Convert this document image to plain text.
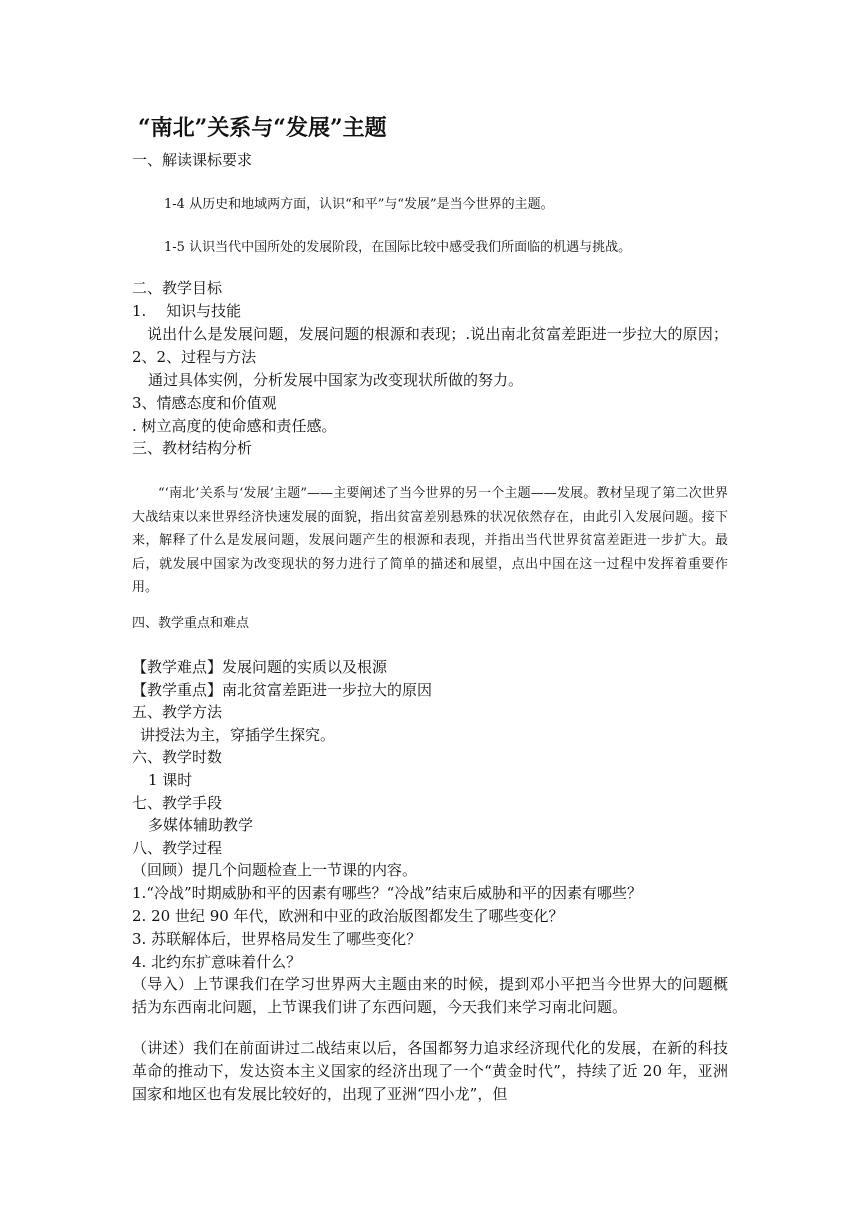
“南北”关系与“发展”主题
一、解读课标要求
1-4 从历史和地域两方面，认识“和平”与“发展”是当今世界的主题。
1-5 认识当代中国所处的发展阶段，在国际比较中感受我们所面临的机遇与挑战。
二、教学目标
1.　 知识与技能
说出什么是发展问题，发展问题的根源和表现；.说出南北贫富差距进一步拉大的原因；2、2、过程与方法
通过具体实例，分析发展中国家为改变现状所做的努力。
3、情感态度和价值观
. 树立高度的使命感和责任感。
三、教材结构分析
“‘南北’关系与‘发展’主题”——主要阐述了当今世界的另一个主题——发展。教材呈现了第二次世界大战结束以来世界经济快速发展的面貌，指出贫富差别悬殊的状况依然存在，由此引入发展问题。接下来，解释了什么是发展问题，发展问题产生的根源和表现，并指出当代世界贫富差距进一步扩大。最后，就发展中国家为改变现状的努力进行了简单的描述和展望，点出中国在这一过程中发挥着重要作用。
四、教学重点和难点
【教学难点】发展问题的实质以及根源
【教学重点】南北贫富差距进一步拉大的原因
五、教学方法
讲授法为主，穿插学生探究。
六、教学时数
1 课时
七、教学手段
多媒体辅助教学
八、教学过程
（回顾）提几个问题检查上一节课的内容。
1.“冷战”时期威胁和平的因素有哪些？“冷战”结束后威胁和平的因素有哪些？
2. 20 世纪 90 年代，欧洲和中亚的政治版图都发生了哪些变化？
3. 苏联解体后，世界格局发生了哪些变化？
4. 北约东扩意味着什么？
（导入）上节课我们在学习世界两大主题由来的时候，提到邓小平把当今世界大的问题概括为东西南北问题，上节课我们讲了东西问题，今天我们来学习南北问题。
（讲述）我们在前面讲过二战结束以后，各国都努力追求经济现代化的发展，在新的科技革命的推动下，发达资本主义国家的经济出现了一个“黄金时代”，持续了近 20 年，亚洲国家和地区也有发展比较好的，出现了亚洲“四小龙”，但
